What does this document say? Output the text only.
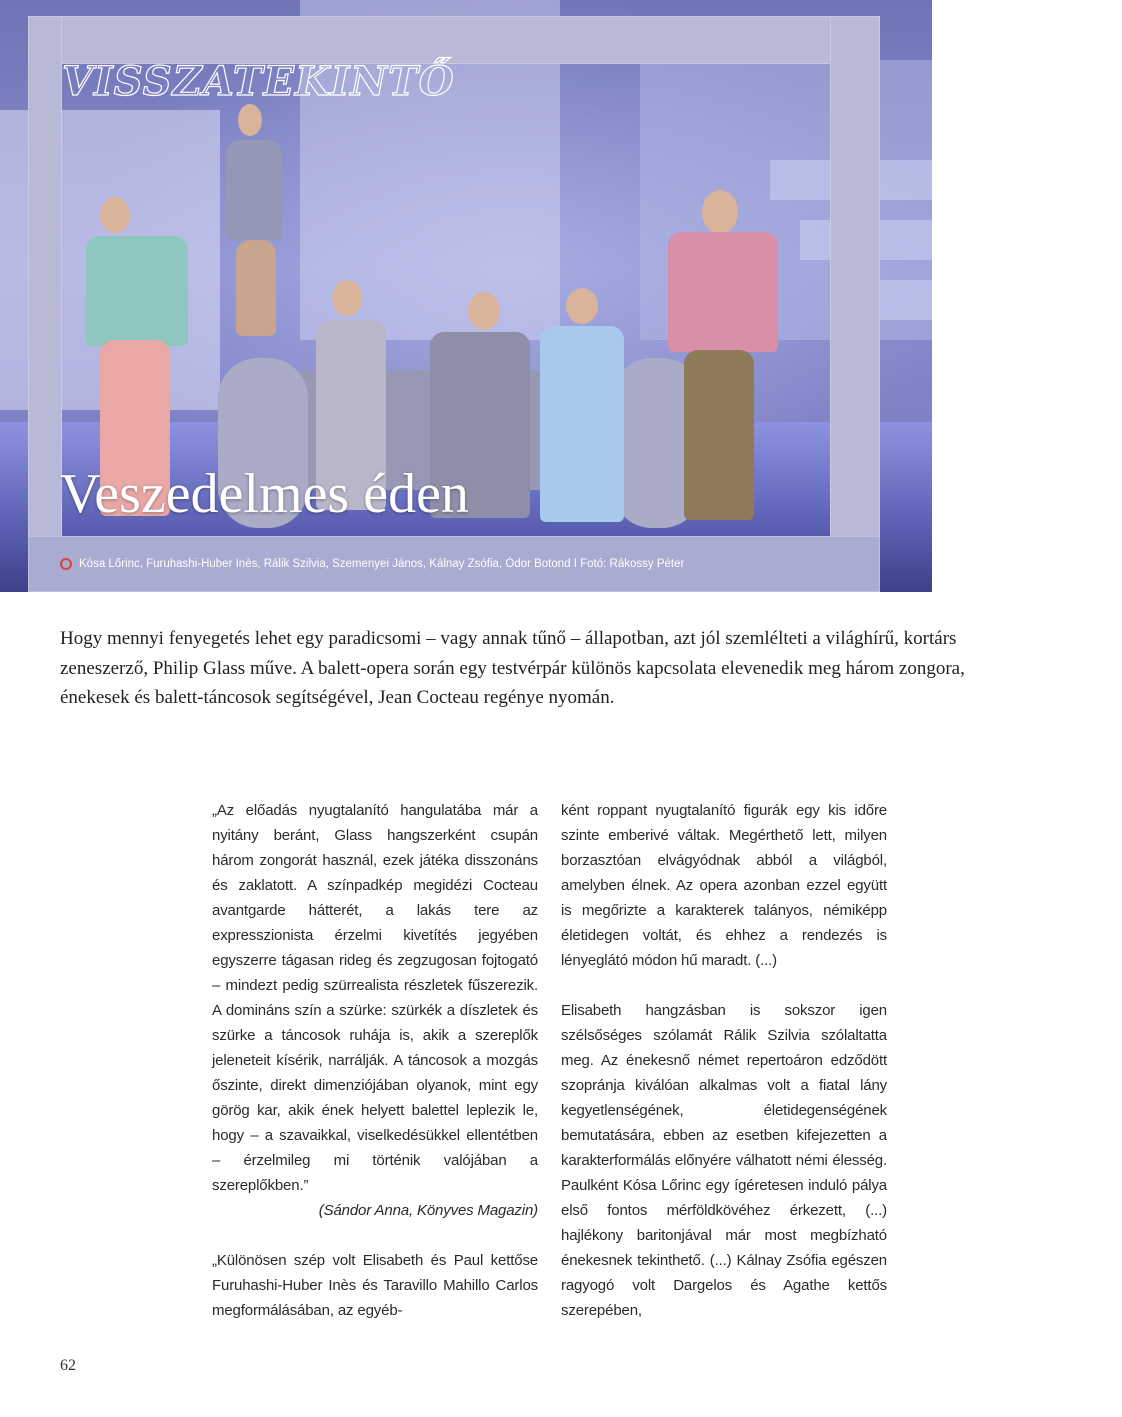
VISSZATEKINTŐ
Veszedelmes éden
Kósa Lőrinc, Furuhashi-Huber Inès, Rálik Szilvia, Szemenyei János, Kálnay Zsófia, Ódor Botond I Fotó: Rákossy Péter

Hogy mennyi fenyegetés lehet egy paradicsomi – vagy annak tűnő – állapotban, azt jól szemlélteti a világhírű, kortárs zeneszerző, Philip Glass műve. A balett-opera során egy testvérpár különös kapcsolata elevenedik meg három zongora, énekesek és balett-táncosok segítségével, Jean Cocteau regénye nyomán.

„Az előadás nyugtalanító hangulatába már a nyitány beránt, Glass hangszerként csupán három zongorát használ, ezek játéka disszonáns és zaklatott. A színpadkép megidézi Cocteau avantgarde hátterét, a lakás tere az expresszionista érzelmi kivetítés jegyében egyszerre tágasan rideg és zegzugosan fojtogató – mindezt pedig szürrealista részletek fűszerezik. A domináns szín a szürke: szürkék a díszletek és szürke a táncosok ruhája is, akik a szereplők jeleneteit kísérik, narrálják. A táncosok a mozgás őszinte, direkt dimenziójában olyanok, mint egy görög kar, akik ének helyett balettel leplezik le, hogy – a szavaikkal, viselkedésükkel ellentétben – érzelmileg mi történik valójában a szereplőkben.”

(Sándor Anna, Könyves Magazin)

„Különösen szép volt Elisabeth és Paul kettőse Furuhashi-Huber Inès és Taravillo Mahillo Carlos megformálásában, az egyéb-

ként roppant nyugtalanító figurák egy kis időre szinte emberivé váltak. Megérthető lett, milyen borzasztóan elvágyódnak abból a világból, amelyben élnek. Az opera azonban ezzel együtt is megőrizte a karakterek talányos, némiképp életidegen voltát, és ehhez a rendezés is lényeglátó módon hű maradt. (...)

Elisabeth hangzásban is sokszor igen szélsőséges szólamát Rálik Szilvia szólaltatta meg. Az énekesnő német repertoáron edződött szopránja kiválóan alkalmas volt a fiatal lány kegyetlenségének, életidegenségének bemutatására, ebben az esetben kifejezetten a karakterformálás előnyére válhatott némi élesség. Paulként Kósa Lőrinc egy ígéretesen induló pálya első fontos mérföldkövéhez érkezett, (...) hajlékony baritonjával már most megbízható énekesnek tekinthető. (...) Kálnay Zsófia egészen ragyogó volt Dargelos és Agathe kettős szerepében,

62
